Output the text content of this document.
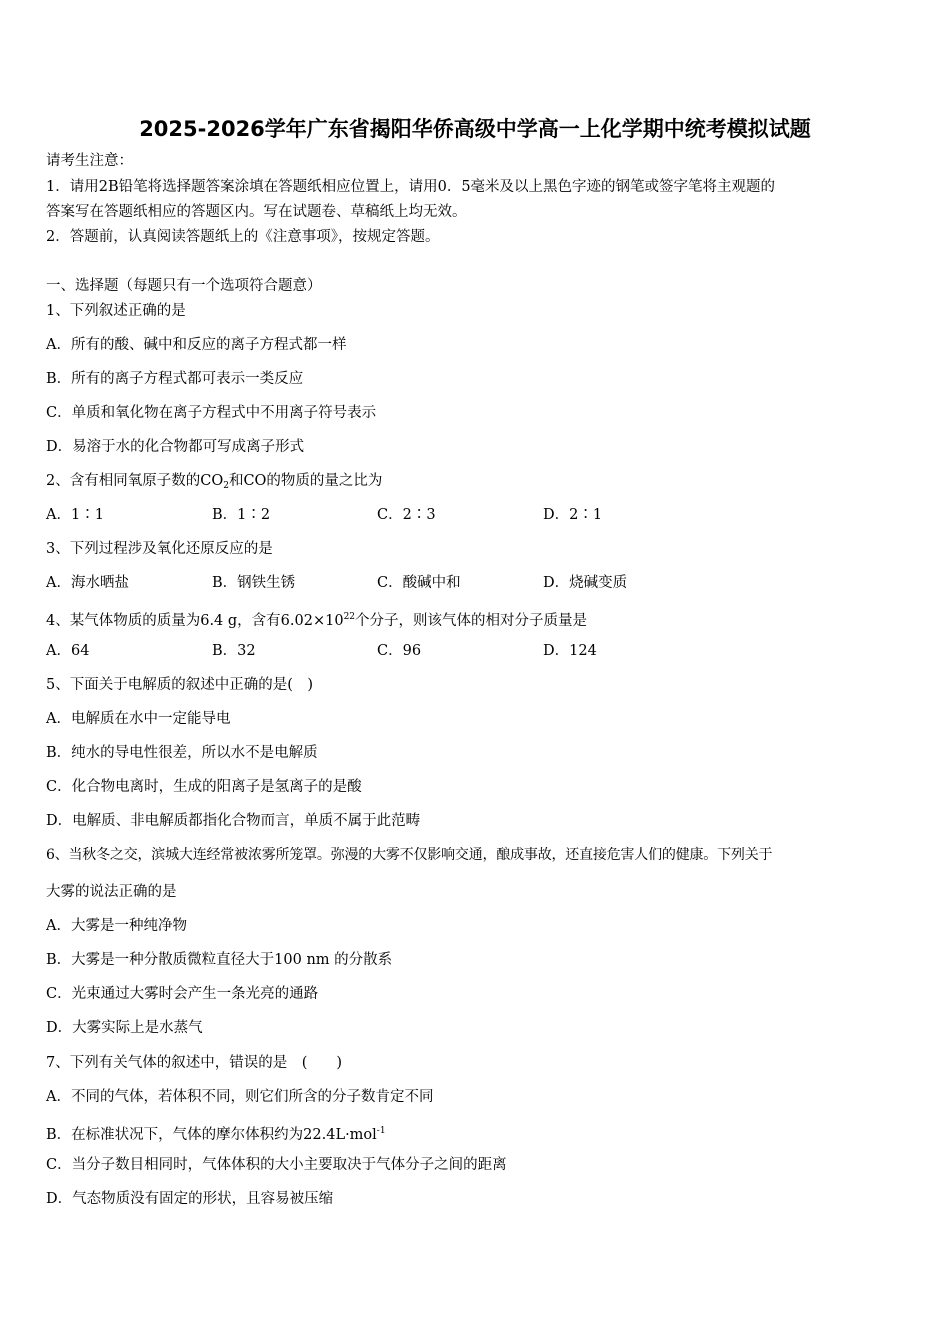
2025-2026学年广东省揭阳华侨高级中学高一上化学期中统考模拟试题
请考生注意：
1．请用2B铅笔将选择题答案涂填在答题纸相应位置上，请用0．5毫米及以上黑色字迹的钢笔或签字笔将主观题的
答案写在答题纸相应的答题区内。写在试题卷、草稿纸上均无效。
2．答题前，认真阅读答题纸上的《注意事项》，按规定答题。
一、选择题（每题只有一个选项符合题意）
1、下列叙述正确的是
A．所有的酸、碱中和反应的离子方程式都一样
B．所有的离子方程式都可表示一类反应
C．单质和氧化物在离子方程式中不用离子符号表示
D．易溶于水的化合物都可写成离子形式
2、含有相同氧原子数的$CO_2$和CO的物质的量之比为
A．1∶1	B．1∶2	C．2∶3	D．2∶1
3、下列过程涉及氧化还原反应的是
A．海水晒盐	B．钢铁生锈	C．酸碱中和	D．烧碱变质
4、某气体物质的质量为6.4 g，含有$6.02\times 10^{22}$个分子，则该气体的相对分子质量是
A．64	B．32	C．96	D．124
5、下面关于电解质的叙述中正确的是(　)
A．电解质在水中一定能导电
B．纯水的导电性很差，所以水不是电解质
C．化合物电离时，生成的阳离子是氢离子的是酸
D．电解质、非电解质都指化合物而言，单质不属于此范畴
6、当秋冬之交，滨城大连经常被浓雾所笼罩。弥漫的大雾不仅影响交通，酿成事故，还直接危害人们的健康。下列关于
大雾的说法正确的是
A．大雾是一种纯净物
B．大雾是一种分散质微粒直径大于100 nm 的分散系
C．光束通过大雾时会产生一条光亮的通路
D．大雾实际上是水蒸气
7、下列有关气体的叙述中，错误的是　(　　)
A．不同的气体，若体积不同，则它们所含的分子数肯定不同
B．在标准状况下，气体的摩尔体积约为22.4L·mol$^{-1}$
C．当分子数目相同时，气体体积的大小主要取决于气体分子之间的距离
D．气态物质没有固定的形状，且容易被压缩
